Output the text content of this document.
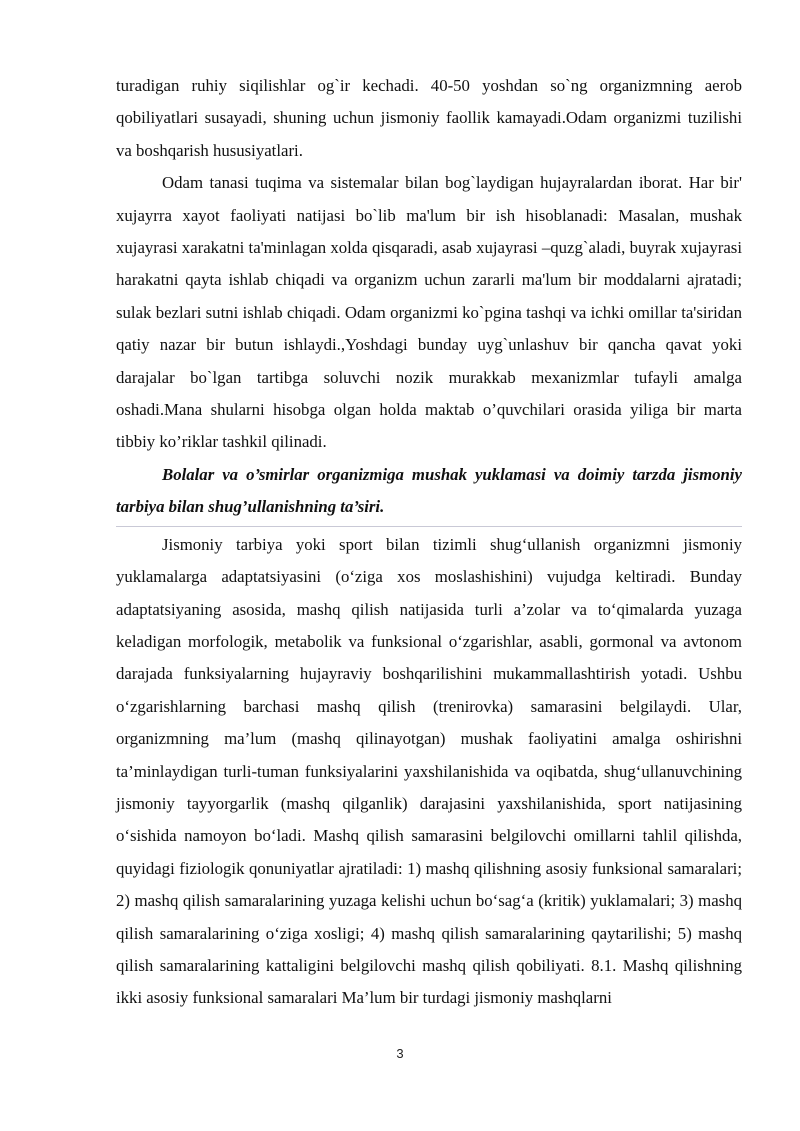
turadigan ruhiy siqilishlar og`ir kechadi. 40-50 yoshdan so`ng organizmning aerob qobiliyatlari susayadi, shuning uchun jismoniy faollik kamayadi.Odam organizmi tuzilishi va boshqarish hususiyatlari.

Odam tanasi tuqima va sistemalar bilan bog`laydigan hujayralardan iborat. Har bir' xujayrra xayot faoliyati natijasi bo`lib ma'lum bir ish hisoblanadi: Masalan, mushak xujayrasi xarakatni ta'minlagan xolda qisqaradi, asab xujayrasi –quzg`aladi, buyrak xujayrasi harakatni qayta ishlab chiqadi va organizm uchun zararli ma'lum bir moddalarni ajratadi; sulak bezlari sutni ishlab chiqadi. Odam organizmi ko`pgina tashqi va ichki omillar ta'siridan qatiy nazar bir butun ishlaydi.,Yoshdagi bunday uyg`unlashuv bir qancha qavat yoki darajalar bo`lgan tartibga soluvchi nozik murakkab mexanizmlar tufayli amalga oshadi.Mana shularni hisobga olgan holda maktab o’quvchilari orasida yiliga bir marta tibbiy ko’riklar tashkil qilinadi.

Bolalar va o’smirlar organizmiga mushak yuklamasi va doimiy tarzda jismoniy tarbiya bilan shug’ullanishning ta’siri.

Jismoniy tarbiya yoki sport bilan tizimli shug‘ullanish organizmni jismoniy yuklamalarga adaptatsiyasini (o‘ziga xos moslashishini) vujudga keltiradi. Bunday adaptatsiyaning asosida, mashq qilish natijasida turli a’zolar va to‘qimalarda yuzaga keladigan morfologik, metabolik va funksional o‘zgarishlar, asabli, gormonal va avtonom darajada funksiyalarning hujayraviy boshqarilishini mukammallashtirish yotadi. Ushbu o‘zgarishlarning barchasi mashq qilish (trenirovka) samarasini belgilaydi. Ular, organizmning ma’lum (mashq qilinayotgan) mushak faoliyatini amalga oshirishni ta’minlaydigan turli-tuman funksiyalarini yaxshilanishida va oqibatda, shug‘ullanuvchining jismoniy tayyorgarlik (mashq qilganlik) darajasini yaxshilanishida, sport natijasining o‘sishida namoyon bo‘ladi. Mashq qilish samarasini belgilovchi omillarni tahlil qilishda, quyidagi fiziologik qonuniyatlar ajratiladi: 1) mashq qilishning asosiy funksional samaralari; 2) mashq qilish samaralarining yuzaga kelishi uchun bo‘sag‘a (kritik) yuklamalari; 3) mashq qilish samaralarining o‘ziga xosligi; 4) mashq qilish samaralarining qaytarilishi; 5) mashq qilish samaralarining kattaligini belgilovchi mashq qilish qobiliyati. 8.1. Mashq qilishning ikki asosiy funksional samaralari Ma’lum bir turdagi jismoniy mashqlarni

3
